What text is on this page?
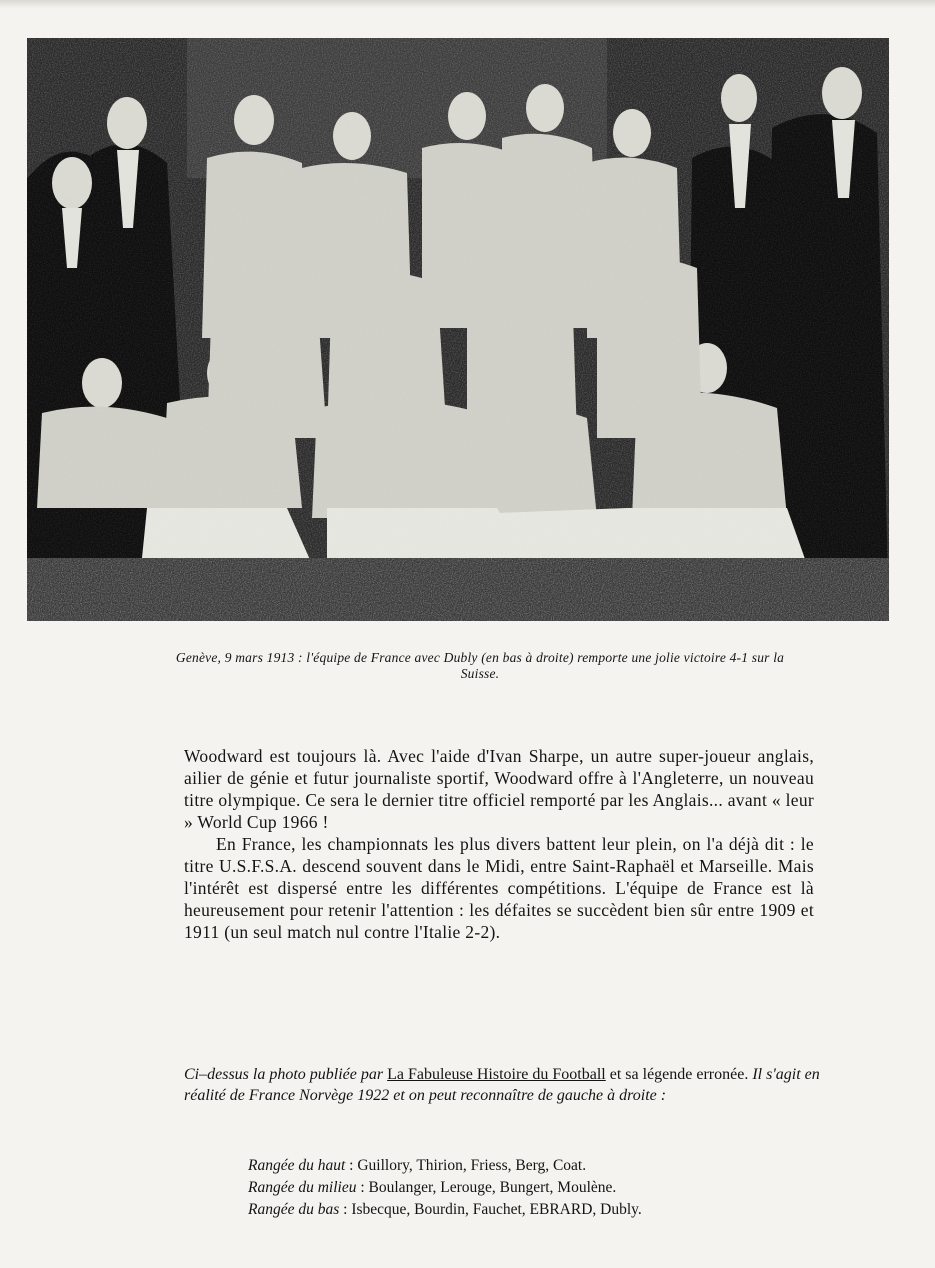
Genève, 9 mars 1913 : l'équipe de France avec Dubly (en bas à droite) remporte une jolie victoire 4-1 sur la Suisse.

Woodward est toujours là. Avec l'aide d'Ivan Sharpe, un autre super-joueur anglais, ailier de génie et futur journaliste sportif, Woodward offre à l'Angleterre, un nouveau titre olympique. Ce sera le dernier titre officiel remporté par les Anglais... avant « leur » World Cup 1966 !

En France, les championnats les plus divers battent leur plein, on l'a déjà dit : le titre U.S.F.S.A. descend souvent dans le Midi, entre Saint-Raphaël et Marseille. Mais l'intérêt est dispersé entre les différentes compétitions. L'équipe de France est là heureusement pour retenir l'attention : les défaites se succèdent bien sûr entre 1909 et 1911 (un seul match nul contre l'Italie 2-2).

Ci–dessus la photo publiée par La Fabuleuse Histoire du Football et sa légende erronée. Il s'agit en réalité de France Norvège 1922 et on peut reconnaître de gauche à droite :
Rangée du haut : Guillory, Thirion, Friess, Berg, Coat.
Rangée du milieu : Boulanger, Lerouge, Bungert, Moulène.
Rangée du bas : Isbecque, Bourdin, Fauchet, EBRARD, Dubly.
